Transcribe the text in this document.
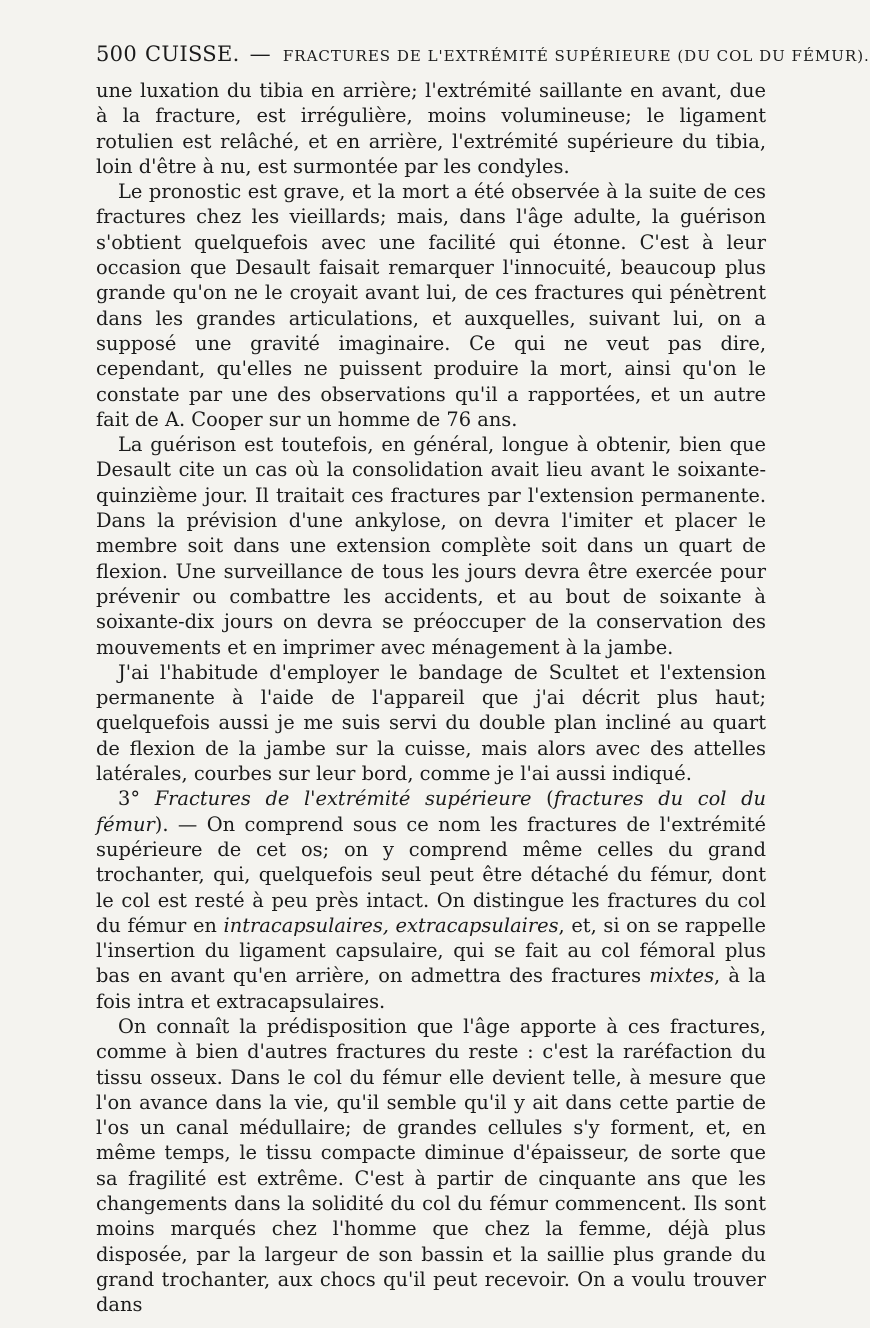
500 CUISSE. — FRACTURES DE L'EXTRÉMITÉ SUPÉRIEURE (DU COL DU FÉMUR).

une luxation du tibia en arrière; l'extrémité saillante en avant, due à la fracture, est irrégulière, moins volumineuse; le ligament rotulien est relâché, et en arrière, l'extrémité supérieure du tibia, loin d'être à nu, est surmontée par les condyles.

Le pronostic est grave, et la mort a été observée à la suite de ces fractures chez les vieillards; mais, dans l'âge adulte, la guérison s'obtient quelquefois avec une facilité qui étonne. C'est à leur occasion que Desault faisait remarquer l'innocuité, beaucoup plus grande qu'on ne le croyait avant lui, de ces fractures qui pénètrent dans les grandes articulations, et auxquelles, suivant lui, on a supposé une gravité imaginaire. Ce qui ne veut pas dire, cependant, qu'elles ne puissent produire la mort, ainsi qu'on le constate par une des observations qu'il a rapportées, et un autre fait de A. Cooper sur un homme de 76 ans.

La guérison est toutefois, en général, longue à obtenir, bien que Desault cite un cas où la consolidation avait lieu avant le soixante-quinzième jour. Il traitait ces fractures par l'extension permanente. Dans la prévision d'une ankylose, on devra l'imiter et placer le membre soit dans une extension complète soit dans un quart de flexion. Une surveillance de tous les jours devra être exercée pour prévenir ou combattre les accidents, et au bout de soixante à soixante-dix jours on devra se préoccuper de la conservation des mouvements et en imprimer avec ménagement à la jambe.

J'ai l'habitude d'employer le bandage de Scultet et l'extension permanente à l'aide de l'appareil que j'ai décrit plus haut; quelquefois aussi je me suis servi du double plan incliné au quart de flexion de la jambe sur la cuisse, mais alors avec des attelles latérales, courbes sur leur bord, comme je l'ai aussi indiqué.

3° Fractures de l'extrémité supérieure (fractures du col du fémur). — On comprend sous ce nom les fractures de l'extrémité supérieure de cet os; on y comprend même celles du grand trochanter, qui, quelquefois seul peut être détaché du fémur, dont le col est resté à peu près intact. On distingue les fractures du col du fémur en intracapsulaires, extracapsulaires, et, si on se rappelle l'insertion du ligament capsulaire, qui se fait au col fémoral plus bas en avant qu'en arrière, on admettra des fractures mixtes, à la fois intra et extracapsulaires.

On connaît la prédisposition que l'âge apporte à ces fractures, comme à bien d'autres fractures du reste : c'est la raréfaction du tissu osseux. Dans le col du fémur elle devient telle, à mesure que l'on avance dans la vie, qu'il semble qu'il y ait dans cette partie de l'os un canal médullaire; de grandes cellules s'y forment, et, en même temps, le tissu compacte diminue d'épaisseur, de sorte que sa fragilité est extrême. C'est à partir de cinquante ans que les changements dans la solidité du col du fémur commencent. Ils sont moins marqués chez l'homme que chez la femme, déjà plus disposée, par la largeur de son bassin et la saillie plus grande du grand trochanter, aux chocs qu'il peut recevoir. On a voulu trouver dans
